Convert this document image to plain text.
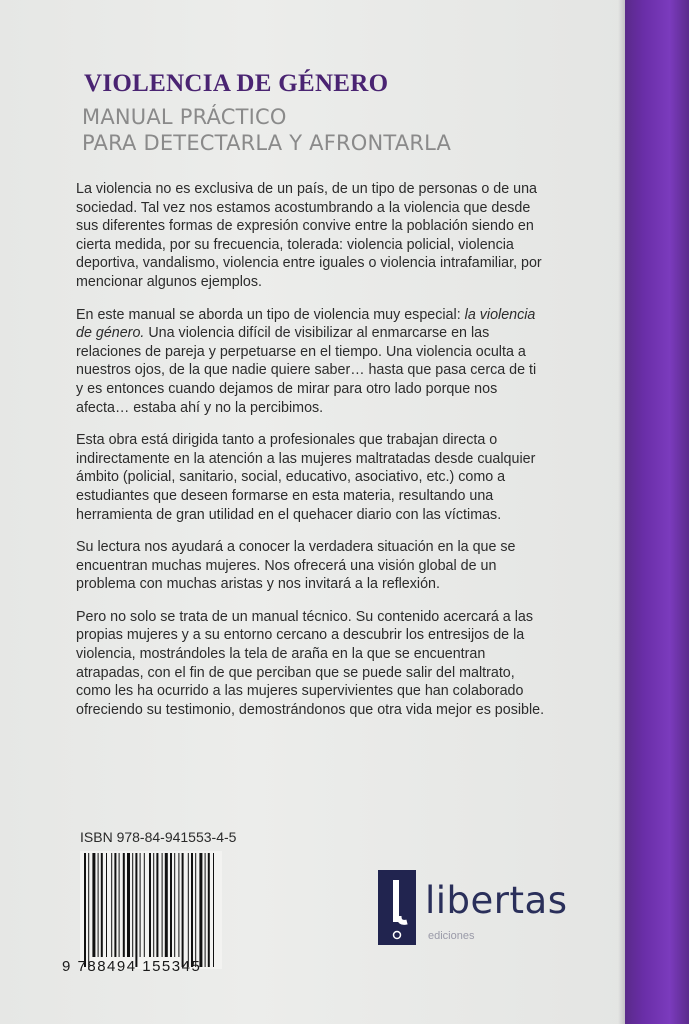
VIOLENCIA DE GÉNERO
MANUAL PRÁCTICO
PARA DETECTARLA Y AFRONTARLA

La violencia no es exclusiva de un país, de un tipo de personas o de una sociedad. Tal vez nos estamos acostumbrando a la violencia que desde sus diferentes formas de expresión convive entre la población siendo en cierta medida, por su frecuencia, tolerada: violencia policial, violencia deportiva, vandalismo, violencia entre iguales o violencia intrafamiliar, por mencionar algunos ejemplos.

En este manual se aborda un tipo de violencia muy especial: la violencia de género. Una violencia difícil de visibilizar al enmarcarse en las relaciones de pareja y perpetuarse en el tiempo. Una violencia oculta a nuestros ojos, de la que nadie quiere saber… hasta que pasa cerca de ti y es entonces cuando dejamos de mirar para otro lado porque nos afecta… estaba ahí y no la percibimos.

Esta obra está dirigida tanto a profesionales que trabajan directa o indirectamente en la atención a las mujeres maltratadas desde cualquier ámbito (policial, sanitario, social, educativo, asociativo, etc.) como a estudiantes que deseen formarse en esta materia, resultando una herramienta de gran utilidad en el quehacer diario con las víctimas.

Su lectura nos ayudará a conocer la verdadera situación en la que se encuentran muchas mujeres. Nos ofrecerá una visión global de un problema con muchas aristas y nos invitará a la reflexión.

Pero no solo se trata de un manual técnico. Su contenido acercará a las propias mujeres y a su entorno cercano a descubrir los entresijos de la violencia, mostrándoles la tela de araña en la que se encuentran atrapadas, con el fin de que perciban que se puede salir del maltrato, como les ha ocurrido a las mujeres supervivientes que han colaborado ofreciendo su testimonio, demostrándonos que otra vida mejor es posible.

ISBN 978-84-941553-4-5
9 788494 155345
libertas
ediciones
